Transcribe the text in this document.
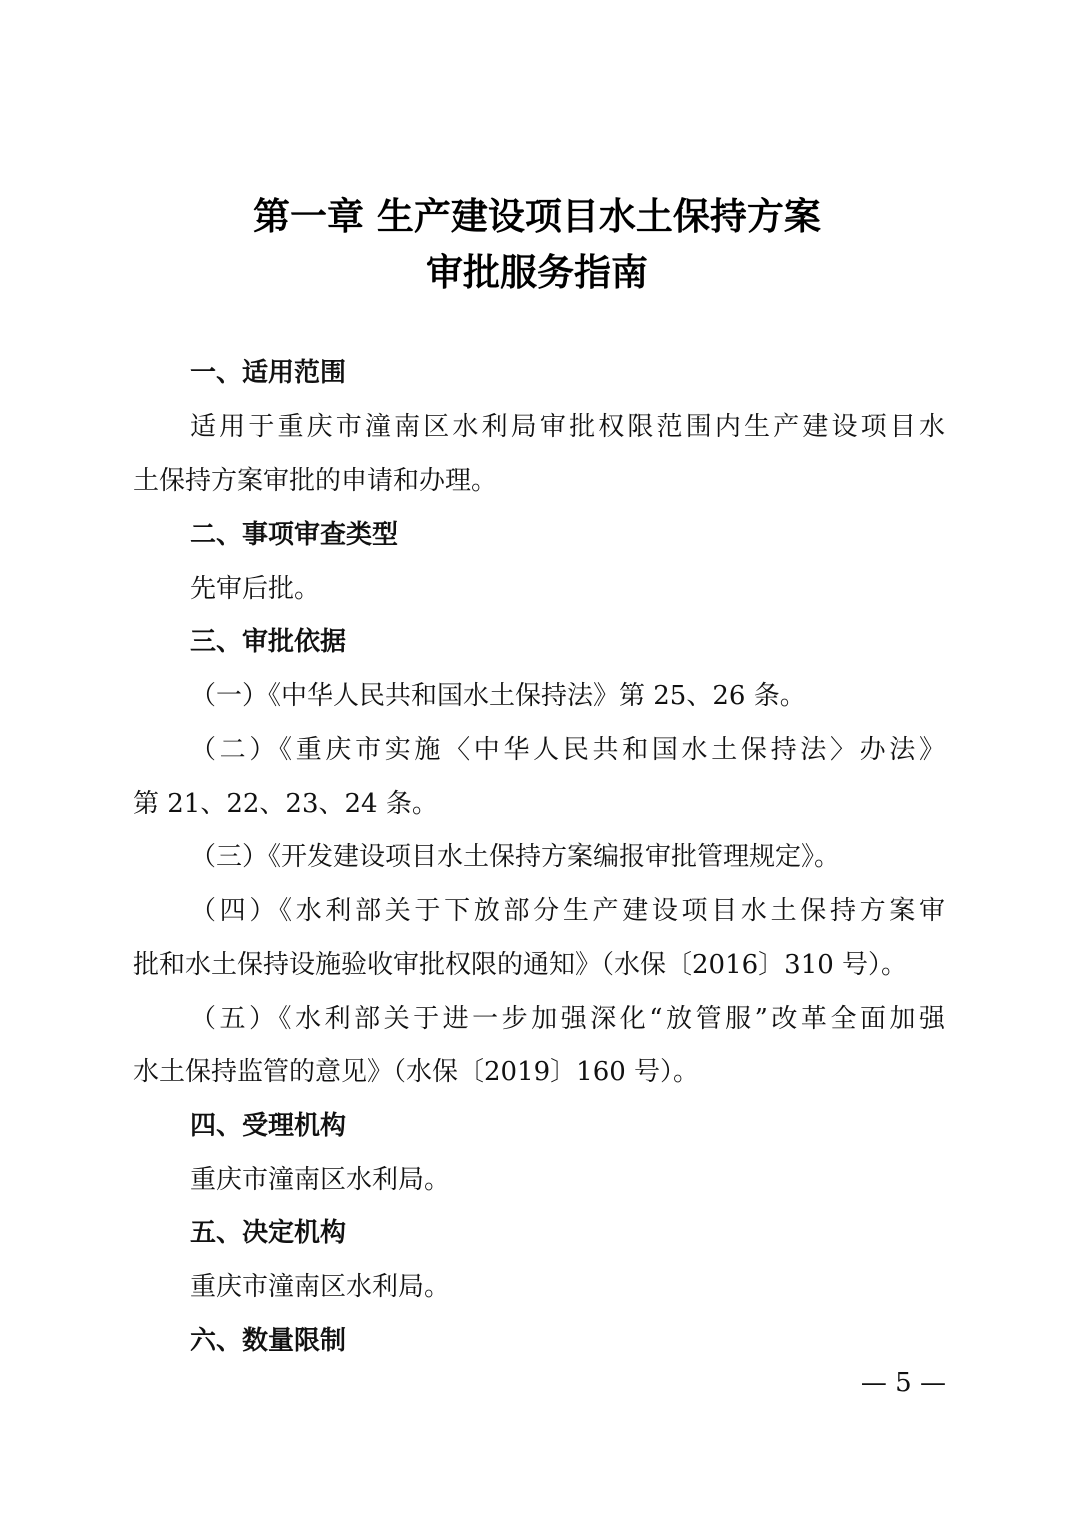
第一章 生产建设项目水土保持方案
审批服务指南
一、适用范围
适用于重庆市潼南区水利局审批权限范围内生产建设项目水
土保持方案审批的申请和办理。
二、事项审查类型
先审后批。
三、审批依据
（一）《中华人民共和国水土保持法》第 25、26 条。
（二）《重庆市实施〈中华人民共和国水土保持法〉办法》
第 21、22、23、24 条。
（三）《开发建设项目水土保持方案编报审批管理规定》。
（四）《水利部关于下放部分生产建设项目水土保持方案审
批和水土保持设施验收审批权限的通知》（水保〔2016〕310 号）。
（五）《水利部关于进一步加强深化“放管服”改革全面加强
水土保持监管的意见》（水保〔2019〕160 号）。
四、受理机构
重庆市潼南区水利局。
五、决定机构
重庆市潼南区水利局。
六、数量限制
— 5 —
